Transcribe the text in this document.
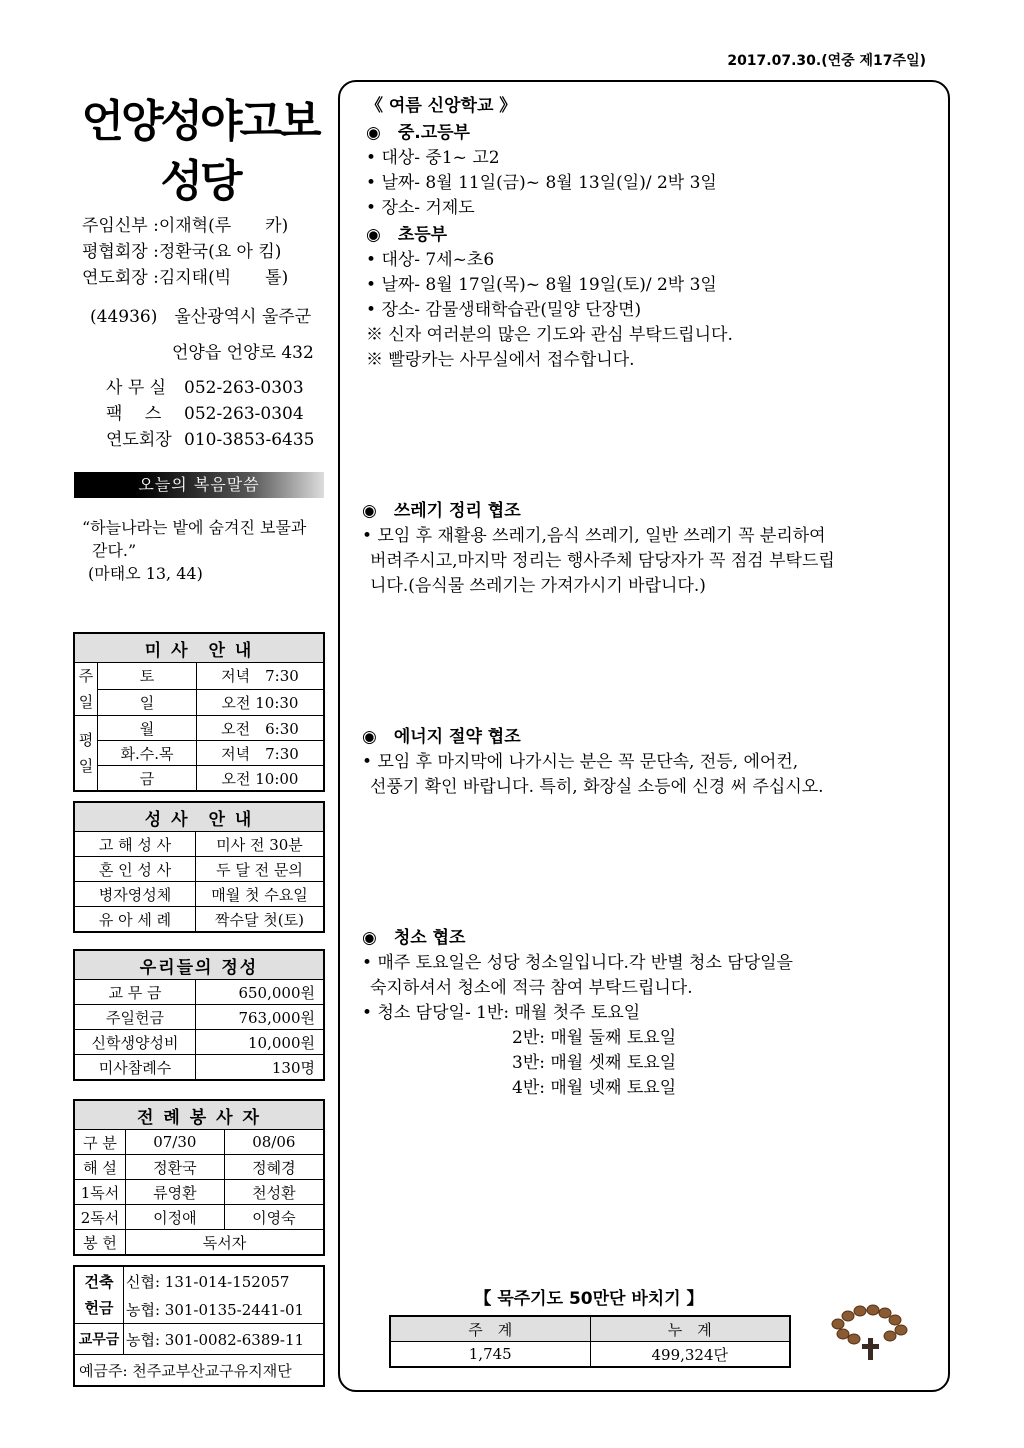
2017.07.30.(연중 제17주일)
언양성야고보
성당
주임신부 :이재혁(루　　카)
평협회장 :정환국(요 아 킴)
연도회장 :김지태(빅　　톨)
(44936)　울산광역시 울주군
언양읍 언양로 432
사 무 실 052-263-0303
팩　 스 052-263-0304
연도회장 010-3853-6435
오늘의 복음말씀
“하늘나라는 밭에 숨겨진 보물과
갇다.”
(마태오 13, 44)
미 사　안 내		
주일	토	저녁　7:30
	일	오전 10:30
평일	월	오전　6:30
	화.수.목	저녁　7:30
	금	오전 10:00
성 사　안 내	
고 해 성 사	미사 전 30분
혼 인 성 사	두 달 전 문의
병자영성체	매월 첫 수요일
유 아 세 례	짝수달 첫(토)
우리들의 정성	
교 무 금	650,000원
주일헌금	763,000원
신학생양성비	10,000원
미사참례수	130명
전 례 봉 사 자		
구 분	07/30	08/06
해 설	정환국	정혜경
1독서	류영환	천성환
2독서	이정애	이영숙
봉 헌	독서자	
건축
헌금	신협: 131-014-152057
	농협: 301-0135-2441-01
교무금	농협: 301-0082-6389-11
예금주: 천주교부산교구유지재단	
《 여름 신앙학교 》
◉　중.고등부
• 대상- 중1~ 고2
• 날짜- 8월 11일(금)~ 8월 13일(일)/ 2박 3일
• 장소- 거제도
◉　초등부
• 대상- 7세~초6
• 날짜- 8월 17일(목)~ 8월 19일(토)/ 2박 3일
• 장소- 감물생태학습관(밀양 단장면)
※ 신자 여러분의 많은 기도와 관심 부탁드립니다.
※ 빨랑카는 사무실에서 접수합니다.
◉　쓰레기 정리 협조
• 모임 후 재활용 쓰레기,음식 쓰레기, 일반 쓰레기 꼭 분리하여
버려주시고,마지막 정리는 행사주체 담당자가 꼭 점검 부탁드립
니다.(음식물 쓰레기는 가져가시기 바랍니다.)
◉　에너지 절약 협조
• 모임 후 마지막에 나가시는 분은 꼭 문단속, 전등, 에어컨,
선풍기 확인 바랍니다. 특히, 화장실 소등에 신경 써 주십시오.
◉　청소 협조
• 매주 토요일은 성당 청소일입니다.각 반별 청소 담당일을
숙지하셔서 청소에 적극 참여 부탁드립니다.
• 청소 담당일- 1반: 매월 첫주 토요일
2반: 매월 둘째 토요일
3반: 매월 셋째 토요일
4반: 매월 넷째 토요일
【 묵주기도 50만단 바치기 】
주　계	누　계
1,745	499,324단
